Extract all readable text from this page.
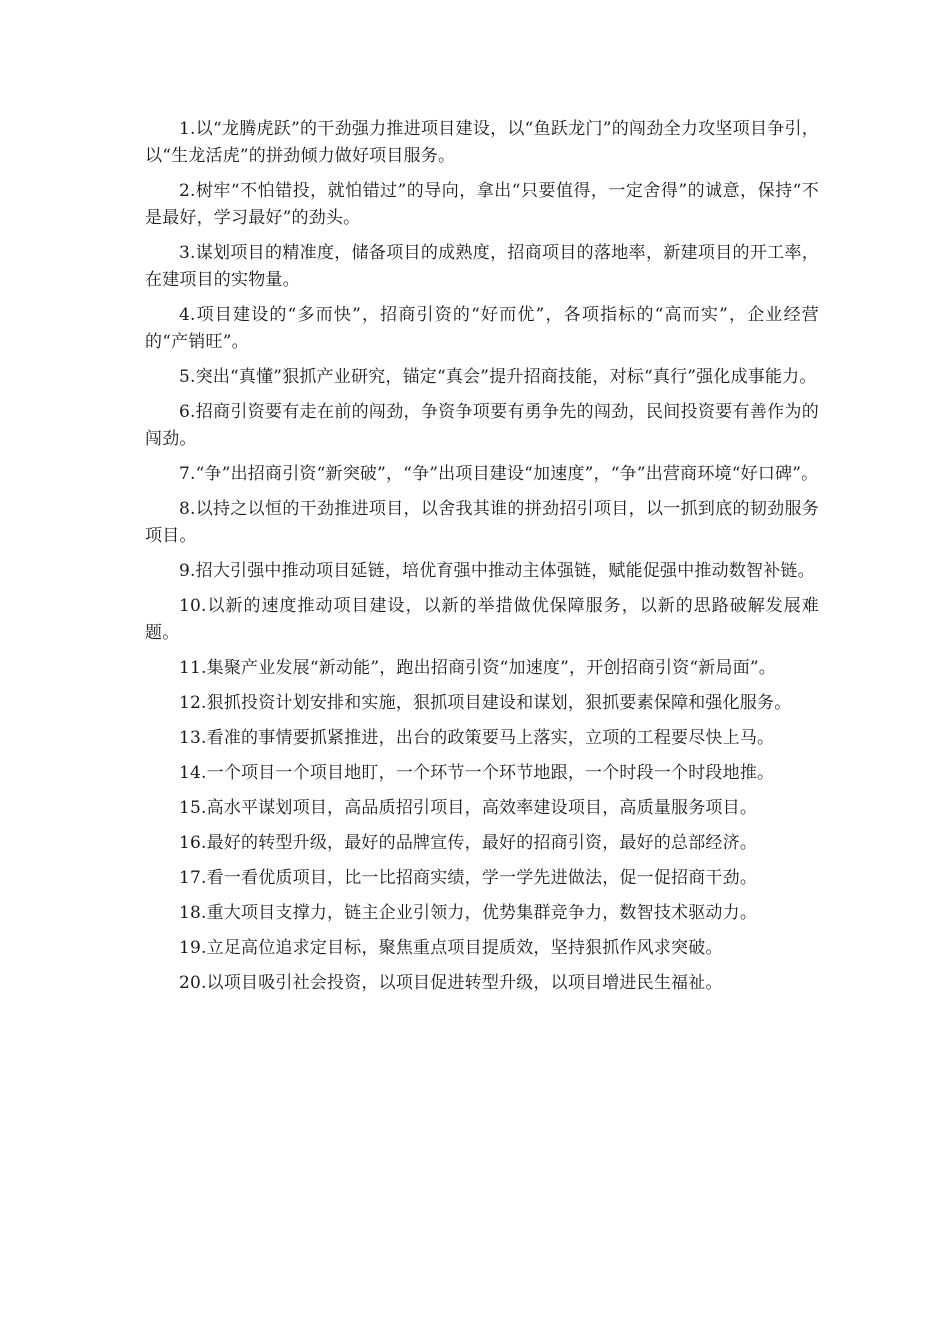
1.以“龙腾虎跃”的干劲强力推进项目建设，以“鱼跃龙门”的闯劲全力攻坚项目争引，以“生龙活虎”的拼劲倾力做好项目服务。

2.树牢“不怕错投，就怕错过”的导向，拿出“只要值得，一定舍得”的诚意，保持“不是最好，学习最好”的劲头。

3.谋划项目的精准度，储备项目的成熟度，招商项目的落地率，新建项目的开工率，在建项目的实物量。

4.项目建设的“多而快”，招商引资的“好而优”，各项指标的“高而实”，企业经营的“产销旺”。

5.突出“真懂”狠抓产业研究，锚定“真会”提升招商技能，对标“真行”强化成事能力。

6.招商引资要有走在前的闯劲，争资争项要有勇争先的闯劲，民间投资要有善作为的闯劲。

7.“争”出招商引资“新突破”，“争”出项目建设“加速度”，“争”出营商环境“好口碑”。

8.以持之以恒的干劲推进项目，以舍我其谁的拼劲招引项目，以一抓到底的韧劲服务项目。

9.招大引强中推动项目延链，培优育强中推动主体强链，赋能促强中推动数智补链。

10.以新的速度推动项目建设，以新的举措做优保障服务，以新的思路破解发展难题。

11.集聚产业发展“新动能”，跑出招商引资“加速度”，开创招商引资“新局面”。

12.狠抓投资计划安排和实施，狠抓项目建设和谋划，狠抓要素保障和强化服务。

13.看准的事情要抓紧推进，出台的政策要马上落实，立项的工程要尽快上马。

14.一个项目一个项目地盯，一个环节一个环节地跟，一个时段一个时段地推。

15.高水平谋划项目，高品质招引项目，高效率建设项目，高质量服务项目。

16.最好的转型升级，最好的品牌宣传，最好的招商引资，最好的总部经济。

17.看一看优质项目，比一比招商实绩，学一学先进做法，促一促招商干劲。

18.重大项目支撑力，链主企业引领力，优势集群竞争力，数智技术驱动力。

19.立足高位追求定目标，聚焦重点项目提质效，坚持狠抓作风求突破。

20.以项目吸引社会投资，以项目促进转型升级，以项目增进民生福祉。
